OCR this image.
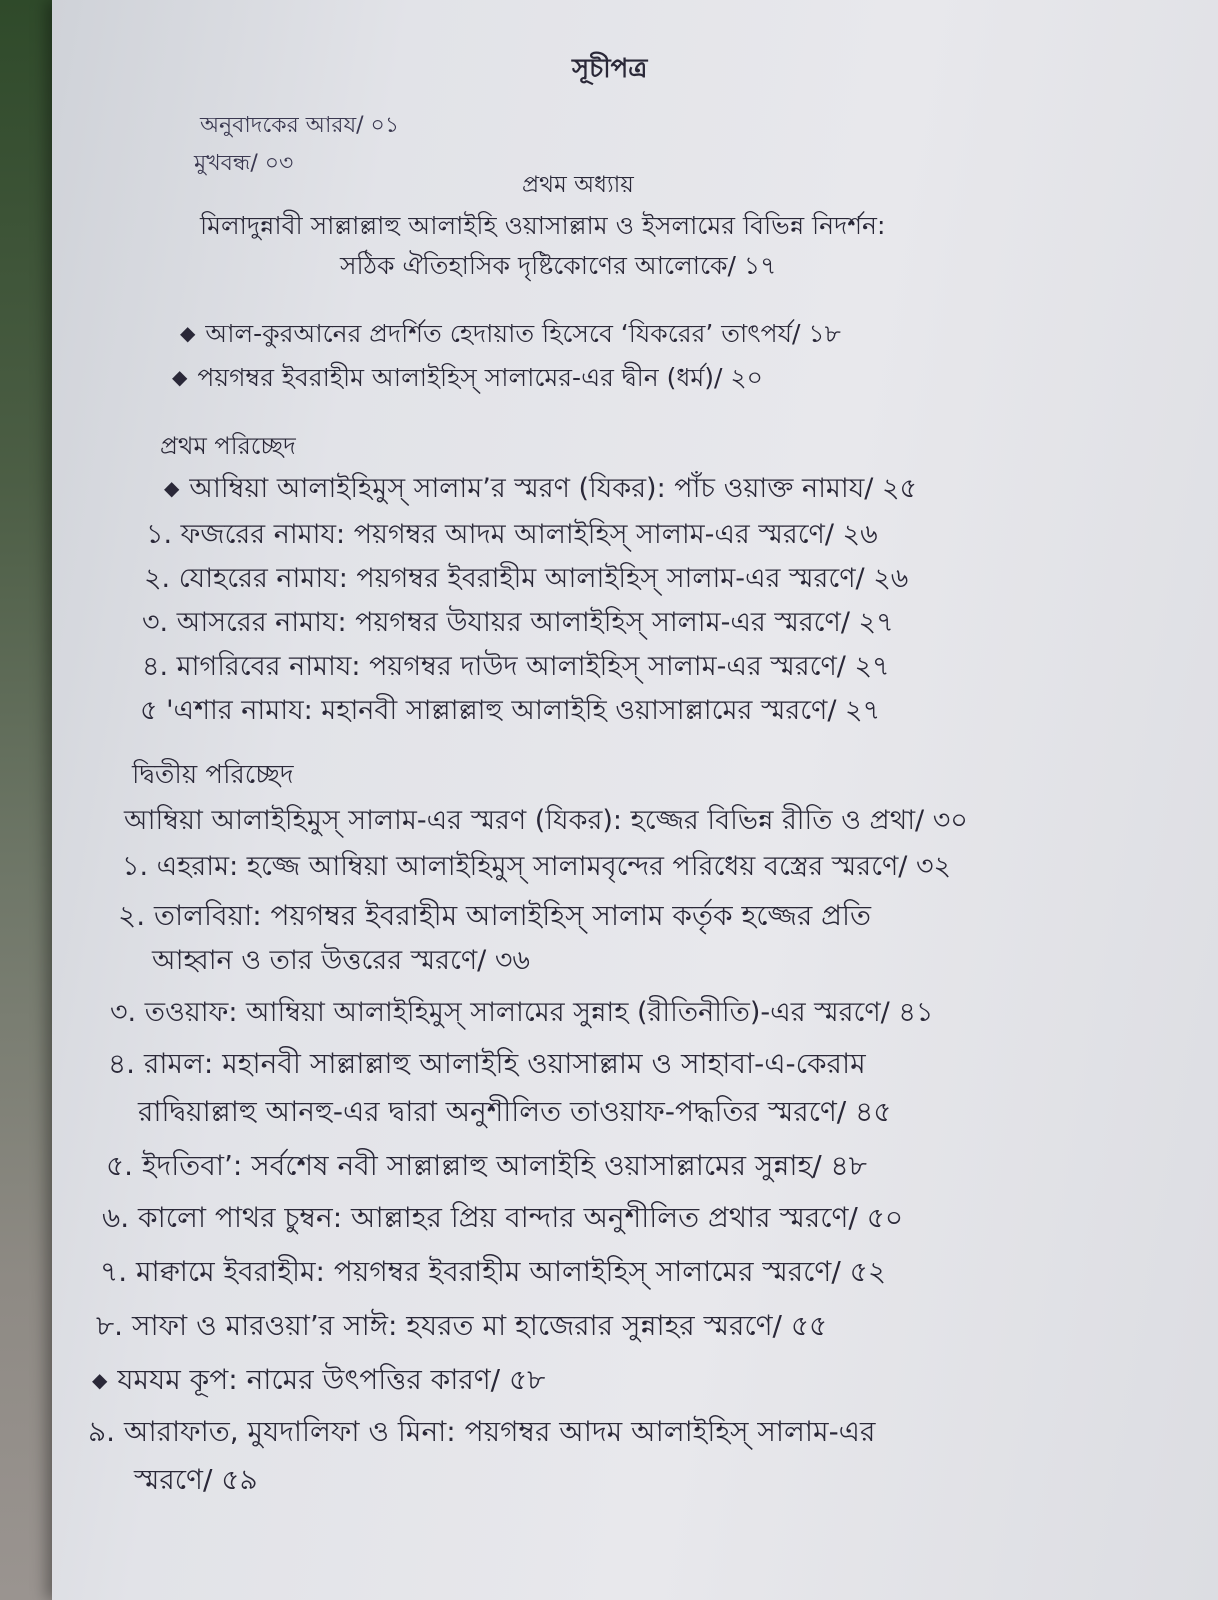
সূচীপত্র
অনুবাদকের আরয/ ০১
মুখবন্ধ/ ০৩
প্রথম অধ্যায়
মিলাদুন্নাবী সাল্লাল্লাহু আলাইহি ওয়াসাল্লাম ও ইসলামের বিভিন্ন নিদর্শন:
সঠিক ঐতিহাসিক দৃষ্টিকোণের আলোকে/ ১৭
◆ আল-কুরআনের প্রদর্শিত হেদায়াত হিসেবে ‘যিকরের’ তাৎপর্য/ ১৮
◆ পয়গম্বর ইবরাহীম আলাইহিস্ সালামের-এর দ্বীন (ধর্ম)/ ২০
প্রথম পরিচ্ছেদ
◆ আম্বিয়া আলাইহিমুস্ সালাম’র স্মরণ (যিকর): পাঁচ ওয়াক্ত নামায/ ২৫
১. ফজরের নামায: পয়গম্বর আদম আলাইহিস্ সালাম-এর স্মরণে/ ২৬
২. যোহরের নামায: পয়গম্বর ইবরাহীম আলাইহিস্ সালাম-এর স্মরণে/ ২৬
৩. আসরের নামায: পয়গম্বর উযায়র আলাইহিস্ সালাম-এর স্মরণে/ ২৭
৪. মাগরিবের নামায: পয়গম্বর দাউদ আলাইহিস্ সালাম-এর স্মরণে/ ২৭
৫ 'এশার নামায: মহানবী সাল্লাল্লাহু আলাইহি ওয়াসাল্লামের স্মরণে/ ২৭
দ্বিতীয় পরিচ্ছেদ
আম্বিয়া আলাইহিমুস্ সালাম-এর স্মরণ (যিকর): হজ্জের বিভিন্ন রীতি ও প্রথা/ ৩০
১. এহরাম: হজ্জে আম্বিয়া আলাইহিমুস্ সালামবৃন্দের পরিধেয় বস্ত্রের স্মরণে/ ৩২
২. তালবিয়া: পয়গম্বর ইবরাহীম আলাইহিস্ সালাম কর্তৃক হজ্জের প্রতি
আহ্বান ও তার উত্তরের স্মরণে/ ৩৬
৩. তওয়াফ: আম্বিয়া আলাইহিমুস্ সালামের সুন্নাহ (রীতিনীতি)-এর স্মরণে/ ৪১
৪. রামল: মহানবী সাল্লাল্লাহু আলাইহি ওয়াসাল্লাম ও সাহাবা-এ-কেরাম
রাদ্বিয়াল্লাহু আনহু-এর দ্বারা অনুশীলিত তাওয়াফ-পদ্ধতির স্মরণে/ ৪৫
৫. ইদতিবা’: সর্বশেষ নবী সাল্লাল্লাহু আলাইহি ওয়াসাল্লামের সুন্নাহ/ ৪৮
৬. কালো পাথর চুম্বন: আল্লাহর প্রিয় বান্দার অনুশীলিত প্রথার স্মরণে/ ৫০
৭. মাক্বামে ইবরাহীম: পয়গম্বর ইবরাহীম আলাইহিস্ সালামের স্মরণে/ ৫২
৮. সাফা ও মারওয়া’র সাঈ: হযরত মা হাজেরার সুন্নাহর স্মরণে/ ৫৫
◆ যমযম কূপ: নামের উৎপত্তির কারণ/ ৫৮
৯. আরাফাত, মুযদালিফা ও মিনা: পয়গম্বর আদম আলাইহিস্ সালাম-এর
স্মরণে/ ৫৯
